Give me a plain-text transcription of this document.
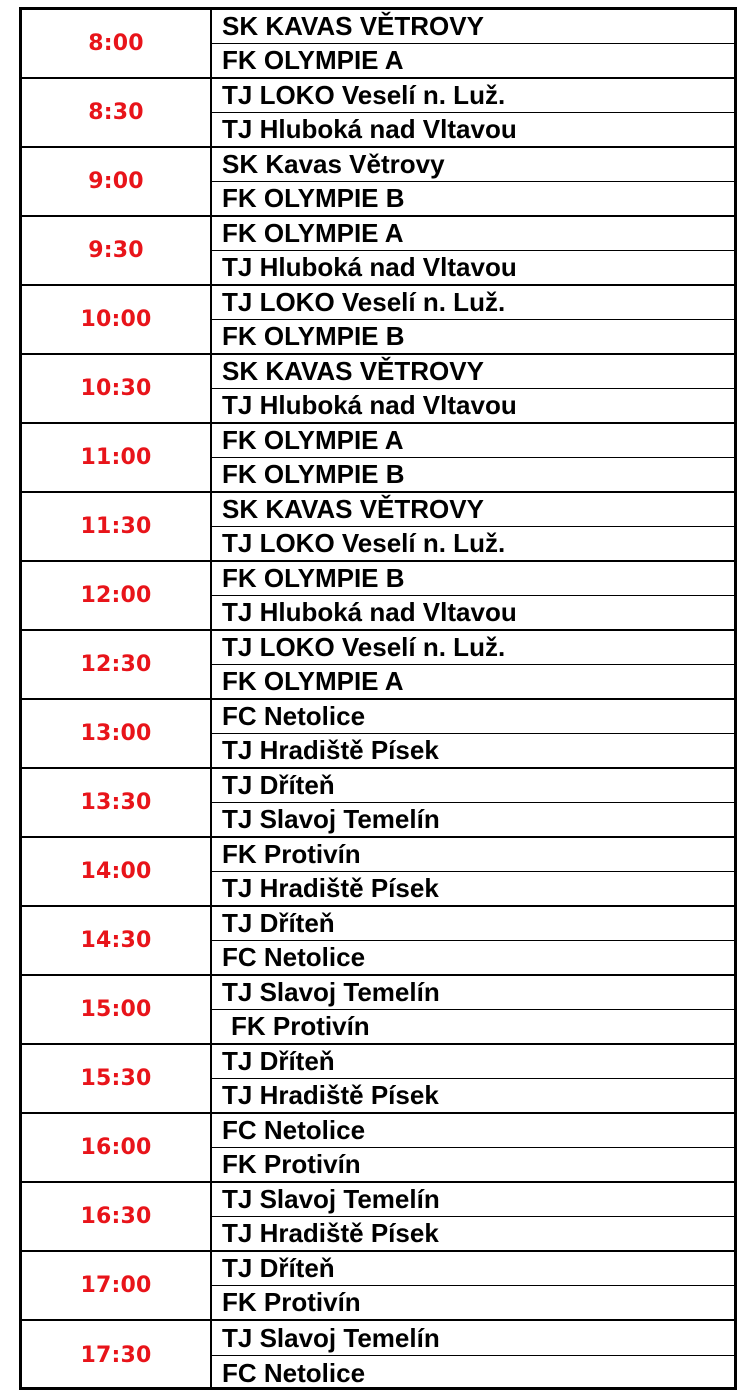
8:00
SK KAVAS VĚTROVY
FK OLYMPIE A
8:30
TJ LOKO Veselí n. Luž.
TJ Hluboká nad Vltavou
9:00
SK Kavas Větrovy
FK OLYMPIE B
9:30
FK OLYMPIE A
TJ Hluboká nad Vltavou
10:00
TJ LOKO Veselí n. Luž.
FK OLYMPIE B
10:30
SK KAVAS VĚTROVY
TJ Hluboká nad Vltavou
11:00
FK OLYMPIE A
FK OLYMPIE B
11:30
SK KAVAS VĚTROVY
TJ LOKO Veselí n. Luž.
12:00
FK OLYMPIE B
TJ Hluboká nad Vltavou
12:30
TJ LOKO Veselí n. Luž.
FK OLYMPIE A
13:00
FC Netolice
TJ Hradiště Písek
13:30
TJ Dříteň
TJ Slavoj Temelín
14:00
FK Protivín
TJ Hradiště Písek
14:30
TJ Dříteň
FC Netolice
15:00
TJ Slavoj Temelín
FK Protivín
15:30
TJ Dříteň
TJ Hradiště Písek
16:00
FC Netolice
FK Protivín
16:30
TJ Slavoj Temelín
TJ Hradiště Písek
17:00
TJ Dříteň
FK Protivín
17:30
TJ Slavoj Temelín
FC Netolice
